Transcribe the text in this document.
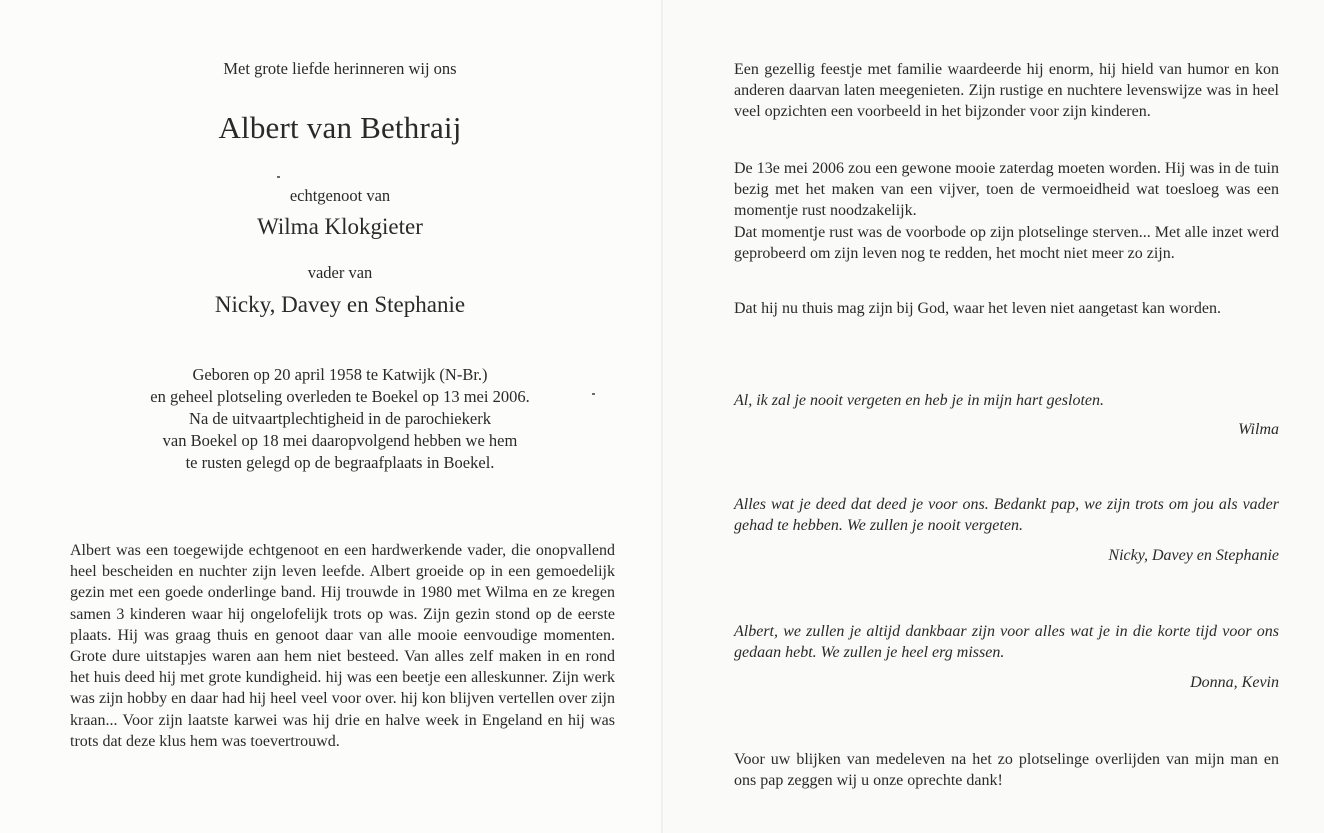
Met grote liefde herinneren wij ons
Albert van Bethraij
echtgenoot van
Wilma Klokgieter
vader van
Nicky, Davey en Stephanie
Geboren op 20 april 1958 te Katwijk (N-Br.)
en geheel plotseling overleden te Boekel op 13 mei 2006.
Na de uitvaartplechtigheid in de parochiekerk
van Boekel op 18 mei daaropvolgend hebben we hem
te rusten gelegd op de begraafplaats in Boekel.

Albert was een toegewijde echtgenoot en een hardwerkende vader, die onopvallend heel bescheiden en nuchter zijn leven leefde. Albert groeide op in een gemoedelijk gezin met een goede onderlinge band. Hij trouwde in 1980 met Wilma en ze kregen samen 3 kinderen waar hij ongelofelijk trots op was. Zijn gezin stond op de eerste plaats. Hij was graag thuis en genoot daar van alle mooie eenvoudige momenten. Grote dure uitstapjes waren aan hem niet besteed. Van alles zelf maken in en rond het huis deed hij met grote kundigheid. hij was een beetje een alleskunner. Zijn werk was zijn hobby en daar had hij heel veel voor over. hij kon blijven vertellen over zijn kraan... Voor zijn laatste karwei was hij drie en halve week in Engeland en hij was trots dat deze klus hem was toevertrouwd.

Een gezellig feestje met familie waardeerde hij enorm, hij hield van humor en kon anderen daarvan laten meegenieten. Zijn rustige en nuchtere levenswijze was in heel veel opzichten een voorbeeld in het bijzonder voor zijn kinderen.

De 13e mei 2006 zou een gewone mooie zaterdag moeten worden. Hij was in de tuin bezig met het maken van een vijver, toen de vermoeidheid wat toesloeg was een momentje rust noodzakelijk.

Dat momentje rust was de voorbode op zijn plotselinge sterven... Met alle inzet werd geprobeerd om zijn leven nog te redden, het mocht niet meer zo zijn.

Dat hij nu thuis mag zijn bij God, waar het leven niet aangetast kan worden.

Al, ik zal je nooit vergeten en heb je in mijn hart gesloten.
Wilma
Alles wat je deed dat deed je voor ons. Bedankt pap, we zijn trots om jou als vader gehad te hebben. We zullen je nooit vergeten.
Nicky, Davey en Stephanie
Albert, we zullen je altijd dankbaar zijn voor alles wat je in die korte tijd voor ons gedaan hebt. We zullen je heel erg missen.
Donna, Kevin

Voor uw blijken van medeleven na het zo plotselinge overlijden van mijn man en ons pap zeggen wij u onze oprechte dank!
